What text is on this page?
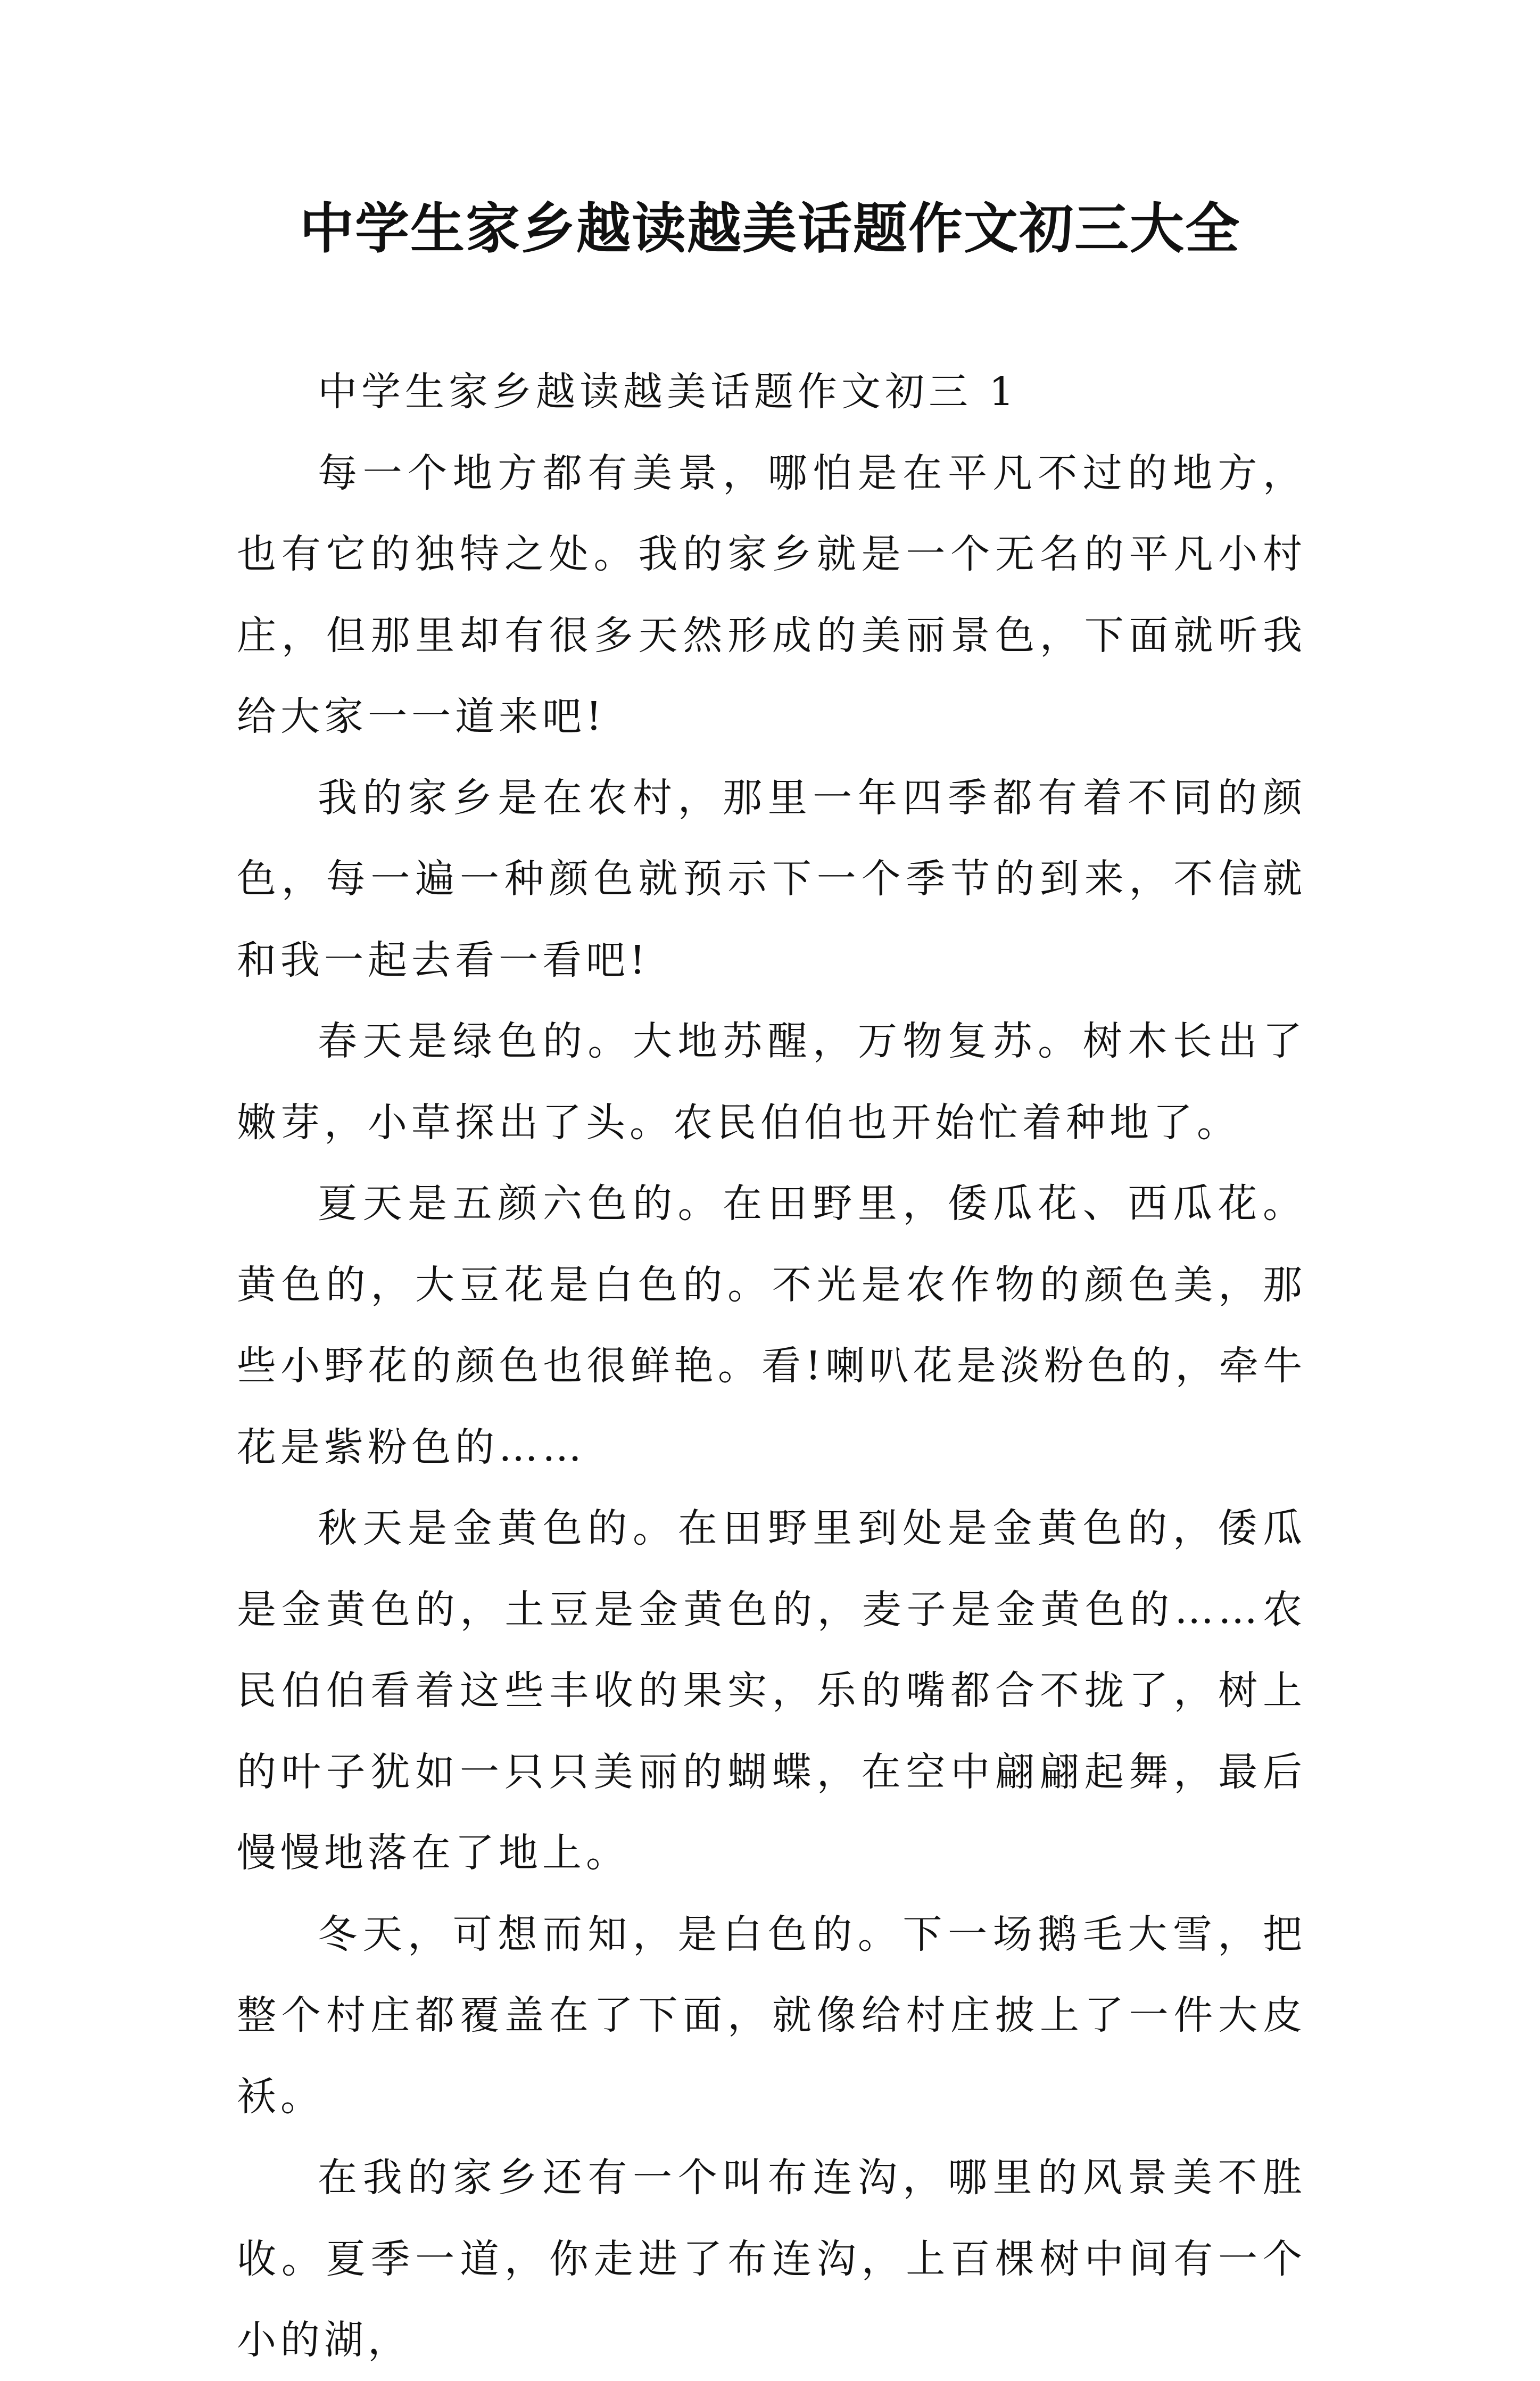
中学生家乡越读越美话题作文初三大全

中学生家乡越读越美话题作文初三 1

每一个地方都有美景，哪怕是在平凡不过的地方，也有它的独特之处。我的家乡就是一个无名的平凡小村庄，但那里却有很多天然形成的美丽景色，下面就听我给大家一一道来吧!

我的家乡是在农村，那里一年四季都有着不同的颜色，每一遍一种颜色就预示下一个季节的到来，不信就和我一起去看一看吧!

春天是绿色的。大地苏醒，万物复苏。树木长出了嫩芽，小草探出了头。农民伯伯也开始忙着种地了。

夏天是五颜六色的。在田野里，倭瓜花、西瓜花。黄色的，大豆花是白色的。不光是农作物的颜色美，那些小野花的颜色也很鲜艳。看!喇叭花是淡粉色的，牵牛花是紫粉色的……

秋天是金黄色的。在田野里到处是金黄色的，倭瓜是金黄色的，土豆是金黄色的，麦子是金黄色的……农民伯伯看着这些丰收的果实，乐的嘴都合不拢了，树上的叶子犹如一只只美丽的蝴蝶，在空中翩翩起舞，最后慢慢地落在了地上。

冬天，可想而知，是白色的。下一场鹅毛大雪，把整个村庄都覆盖在了下面，就像给村庄披上了一件大皮袄。

在我的家乡还有一个叫布连沟，哪里的风景美不胜收。夏季一道，你走进了布连沟，上百棵树中间有一个小的湖，
